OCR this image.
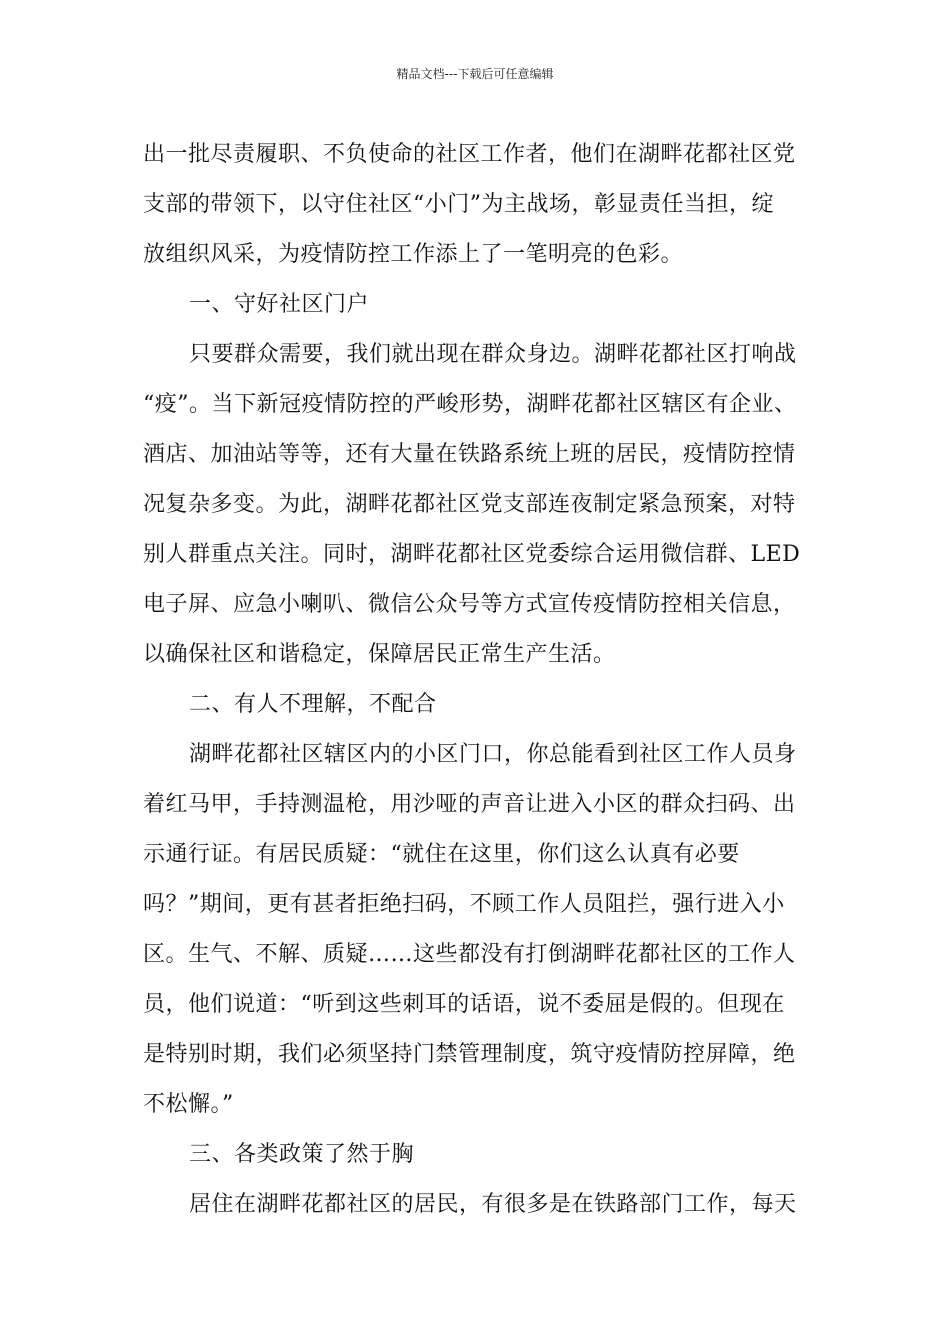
精品文档---下载后可任意编辑
出一批尽责履职、不负使命的社区工作者，他们在湖畔花都社区党
支部的带领下，以守住社区“小门”为主战场，彰显责任当担，绽
放组织风采，为疫情防控工作添上了一笔明亮的色彩。
一、守好社区门户
只要群众需要，我们就出现在群众身边。湖畔花都社区打响战
“疫”。当下新冠疫情防控的严峻形势，湖畔花都社区辖区有企业、
酒店、加油站等等，还有大量在铁路系统上班的居民，疫情防控情
况复杂多变。为此，湖畔花都社区党支部连夜制定紧急预案，对特
别人群重点关注。同时，湖畔花都社区党委综合运用微信群、LED
电子屏、应急小喇叭、微信公众号等方式宣传疫情防控相关信息，
以确保社区和谐稳定，保障居民正常生产生活。
二、有人不理解，不配合
湖畔花都社区辖区内的小区门口，你总能看到社区工作人员身
着红马甲，手持测温枪，用沙哑的声音让进入小区的群众扫码、出
示通行证。有居民质疑：“就住在这里，你们这么认真有必要
吗？”期间，更有甚者拒绝扫码，不顾工作人员阻拦，强行进入小
区。生气、不解、质疑……这些都没有打倒湖畔花都社区的工作人
员，他们说道：“听到这些刺耳的话语，说不委屈是假的。但现在
是特别时期，我们必须坚持门禁管理制度，筑守疫情防控屏障，绝
不松懈。”
三、各类政策了然于胸
居住在湖畔花都社区的居民，有很多是在铁路部门工作，每天
